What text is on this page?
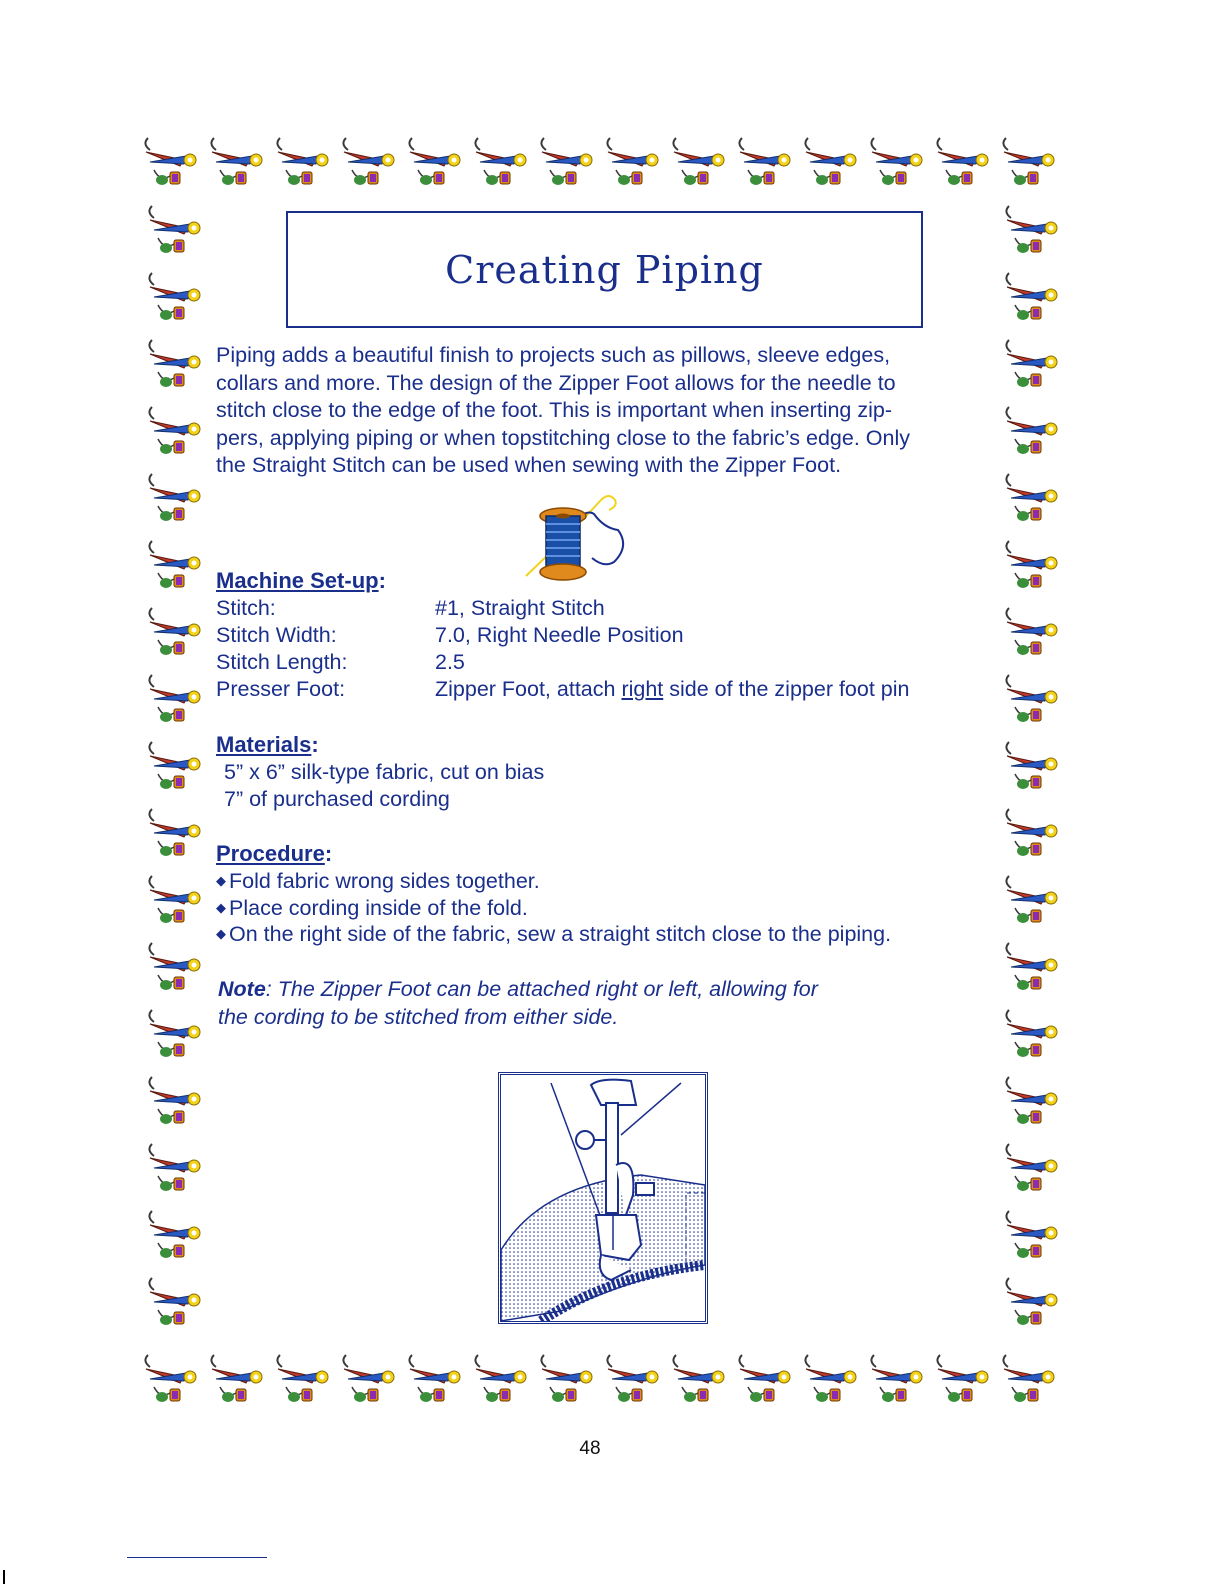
Creating Piping

Piping adds a beautiful finish to projects such as pillows, sleeve edges,
collars and more. The design of the Zipper Foot allows for the needle to
stitch close to the edge of the foot. This is important when inserting zip-
pers, applying piping or when topstitching close to the fabric’s edge. Only
the Straight Stitch can be used when sewing with the Zipper Foot.

Machine Set-up:
Stitch:	#1, Straight Stitch
Stitch Width:	7.0, Right Needle Position
Stitch Length:	2.5
Presser Foot:	Zipper Foot, attach right side of the zipper foot pin
Materials:
5” x 6” silk-type fabric, cut on bias
7” of purchased cording
Procedure:
◆ Fold fabric wrong sides together.
◆ Place cording inside of the fold.
◆ On the right side of the fabric, sew a straight stitch close to the piping.

Note: The Zipper Foot can be attached right or left, allowing for
the cording to be stitched from either side.

48
